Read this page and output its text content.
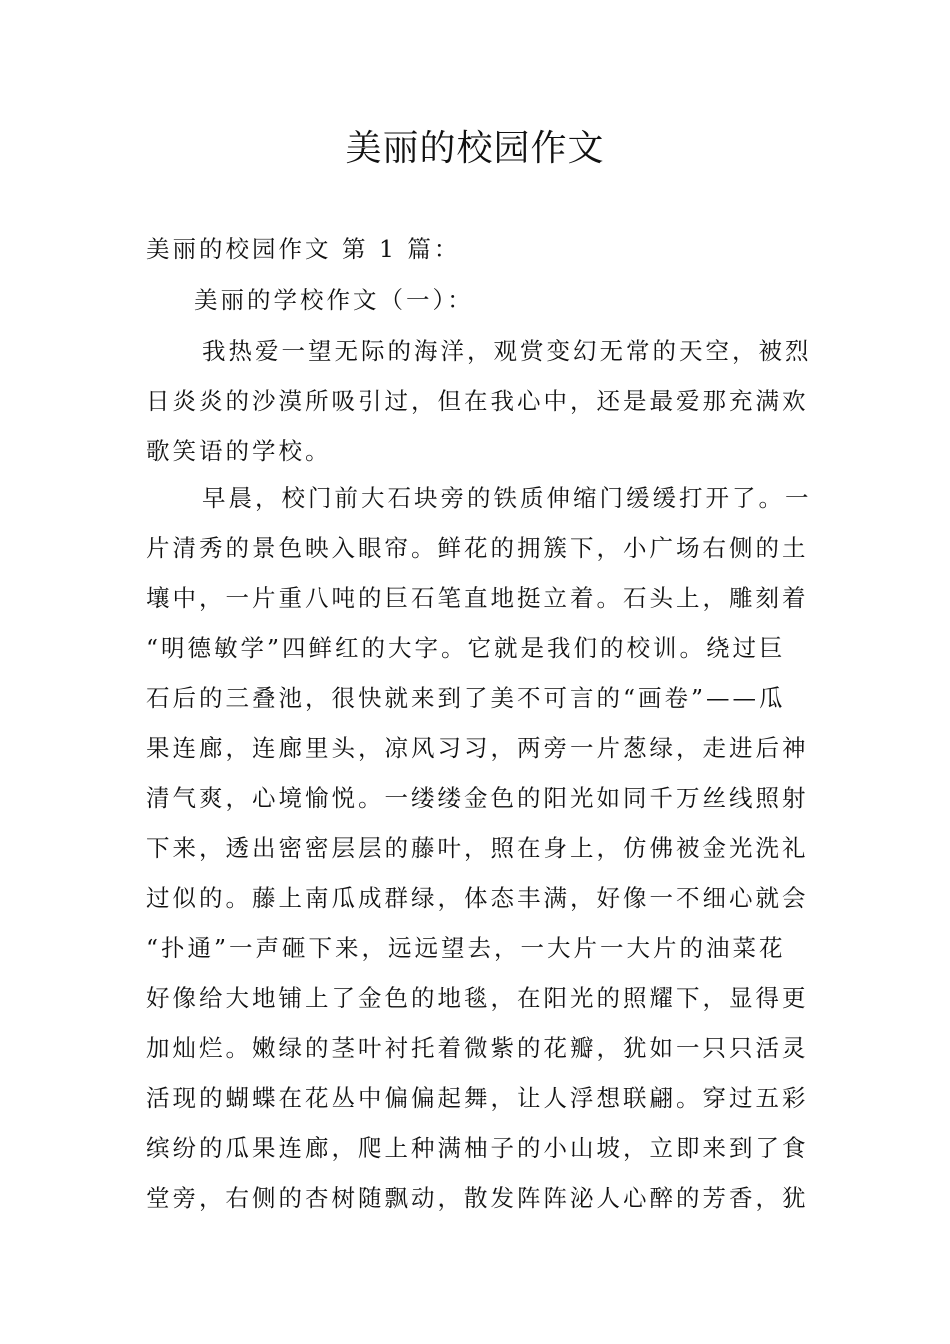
美丽的校园作文
美丽的校园作文 第 1 篇：
美丽的学校作文（一）：
我热爱一望无际的海洋，观赏变幻无常的天空，被烈
日炎炎的沙漠所吸引过，但在我心中，还是最爱那充满欢
歌笑语的学校。
早晨，校门前大石块旁的铁质伸缩门缓缓打开了。一
片清秀的景色映入眼帘。鲜花的拥簇下，小广场右侧的土
壤中，一片重八吨的巨石笔直地挺立着。石头上，雕刻着
“明德敏学”四鲜红的大字。它就是我们的校训。绕过巨
石后的三叠池，很快就来到了美不可言的“画卷”——瓜
果连廊，连廊里头，凉风习习，两旁一片葱绿，走进后神
清气爽，心境愉悦。一缕缕金色的阳光如同千万丝线照射
下来，透出密密层层的藤叶，照在身上，仿佛被金光洗礼
过似的。藤上南瓜成群绿，体态丰满，好像一不细心就会
“扑通”一声砸下来，远远望去，一大片一大片的油菜花
好像给大地铺上了金色的地毯，在阳光的照耀下，显得更
加灿烂。嫩绿的茎叶衬托着微紫的花瓣，犹如一只只活灵
活现的蝴蝶在花丛中偏偏起舞，让人浮想联翩。穿过五彩
缤纷的瓜果连廊，爬上种满柚子的小山坡，立即来到了食
堂旁，右侧的杏树随飘动，散发阵阵泌人心醉的芳香，犹
